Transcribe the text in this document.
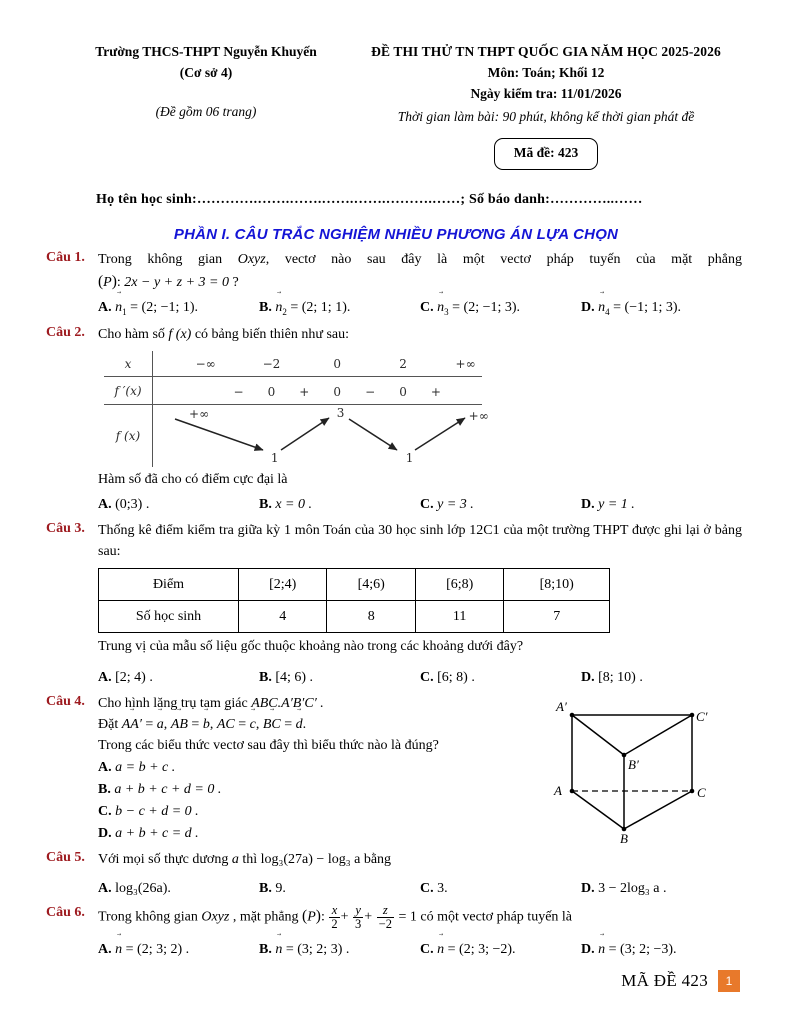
Trường THCS-THPT Nguyễn Khuyến
(Cơ sở 4)
(Đề gồm 06 trang)
ĐỀ THI THỬ TN THPT QUỐC GIA NĂM HỌC 2025-2026
Môn: Toán; Khối 12
Ngày kiểm tra: 11/01/2026
Thời gian làm bài: 90 phút, không kể thời gian phát đề
Mã đề: 423
Họ tên học sinh:………….…….…….…….…….……….……; Số báo danh:…………..……
PHẦN I. CÂU TRẮC NGHIỆM NHIỀU PHƯƠNG ÁN LỰA CHỌN
Câu 1. Trong không gian Oxyz, vectơ nào sau đây là một vectơ pháp tuyến của mặt phẳng
(P): 2x − y + z + 3 = 0 ?
A. $n \to_1 = (2$; −1; 1).	B. $n \to_2 = (2$; 1; 1).	C. $n \to_3 = (2$; −1; 3).	D. $n \to_4 = (-1$; 1; 3).
Câu 2. Cho hàm số f (x) có bảng biến thiên như sau:
x	−∞	−2	0	2	+∞
f ′(x)	− 0 + 0 − 0 +
f (x)
+∞
1
3
1
+∞
Hàm số đã cho có điểm cực đại là
A. (0;3) .	B. x = 0 .	C. y = 3 .	D. y = 1 .
Câu 3. Thống kê điểm kiểm tra giữa kỳ 1 môn Toán của 30 học sinh lớp 12C1 của một trường THPT được ghi lại ở bảng sau:
Điểm	[2;4)	[4;6)	[6;8)	[8;10)
Số học sinh	4	8	11	7
Trung vị của mẫu số liệu gốc thuộc khoảng nào trong các khoảng dưới đây?
A. [2; 4) .	B. [4; 6) .	C. [6; 8) .	D. [8; 10) .
Câu 4. Cho hình lăng trụ tam giác ABC.A′B′C′ .
Đặt AA′ → = a →, AB → = b →, AC → = c →, BC → = d →.
Trong các biểu thức vectơ sau đây thì biểu thức nào là đúng?
A. a = b + c .
B. a + b + c + d = 0 .
C. b − c + d = 0 .
D. a + b + c = d .
A′
C′
B′
A	C
B
Câu 5. Với mọi số thực dương a thì log₃(27a) − log₃ a bằng
A. log₃(26a).	B. 9.	C. 3.	D. 3 − 2log₃ a .
Câu 6. Trong không gian Oxyz , mặt phẳng (P): $\frac{x}{2} + \frac{y}{3} + \frac{z}{-2} = 1$ có một vectơ pháp tuyến là
A. n → = (2; 3; 2) .	B. n → = (3; 2; 3) .	C. n → = (2; 3; −2).	D. n → = (3; 2; −3).
MÃ ĐỀ 423	1
